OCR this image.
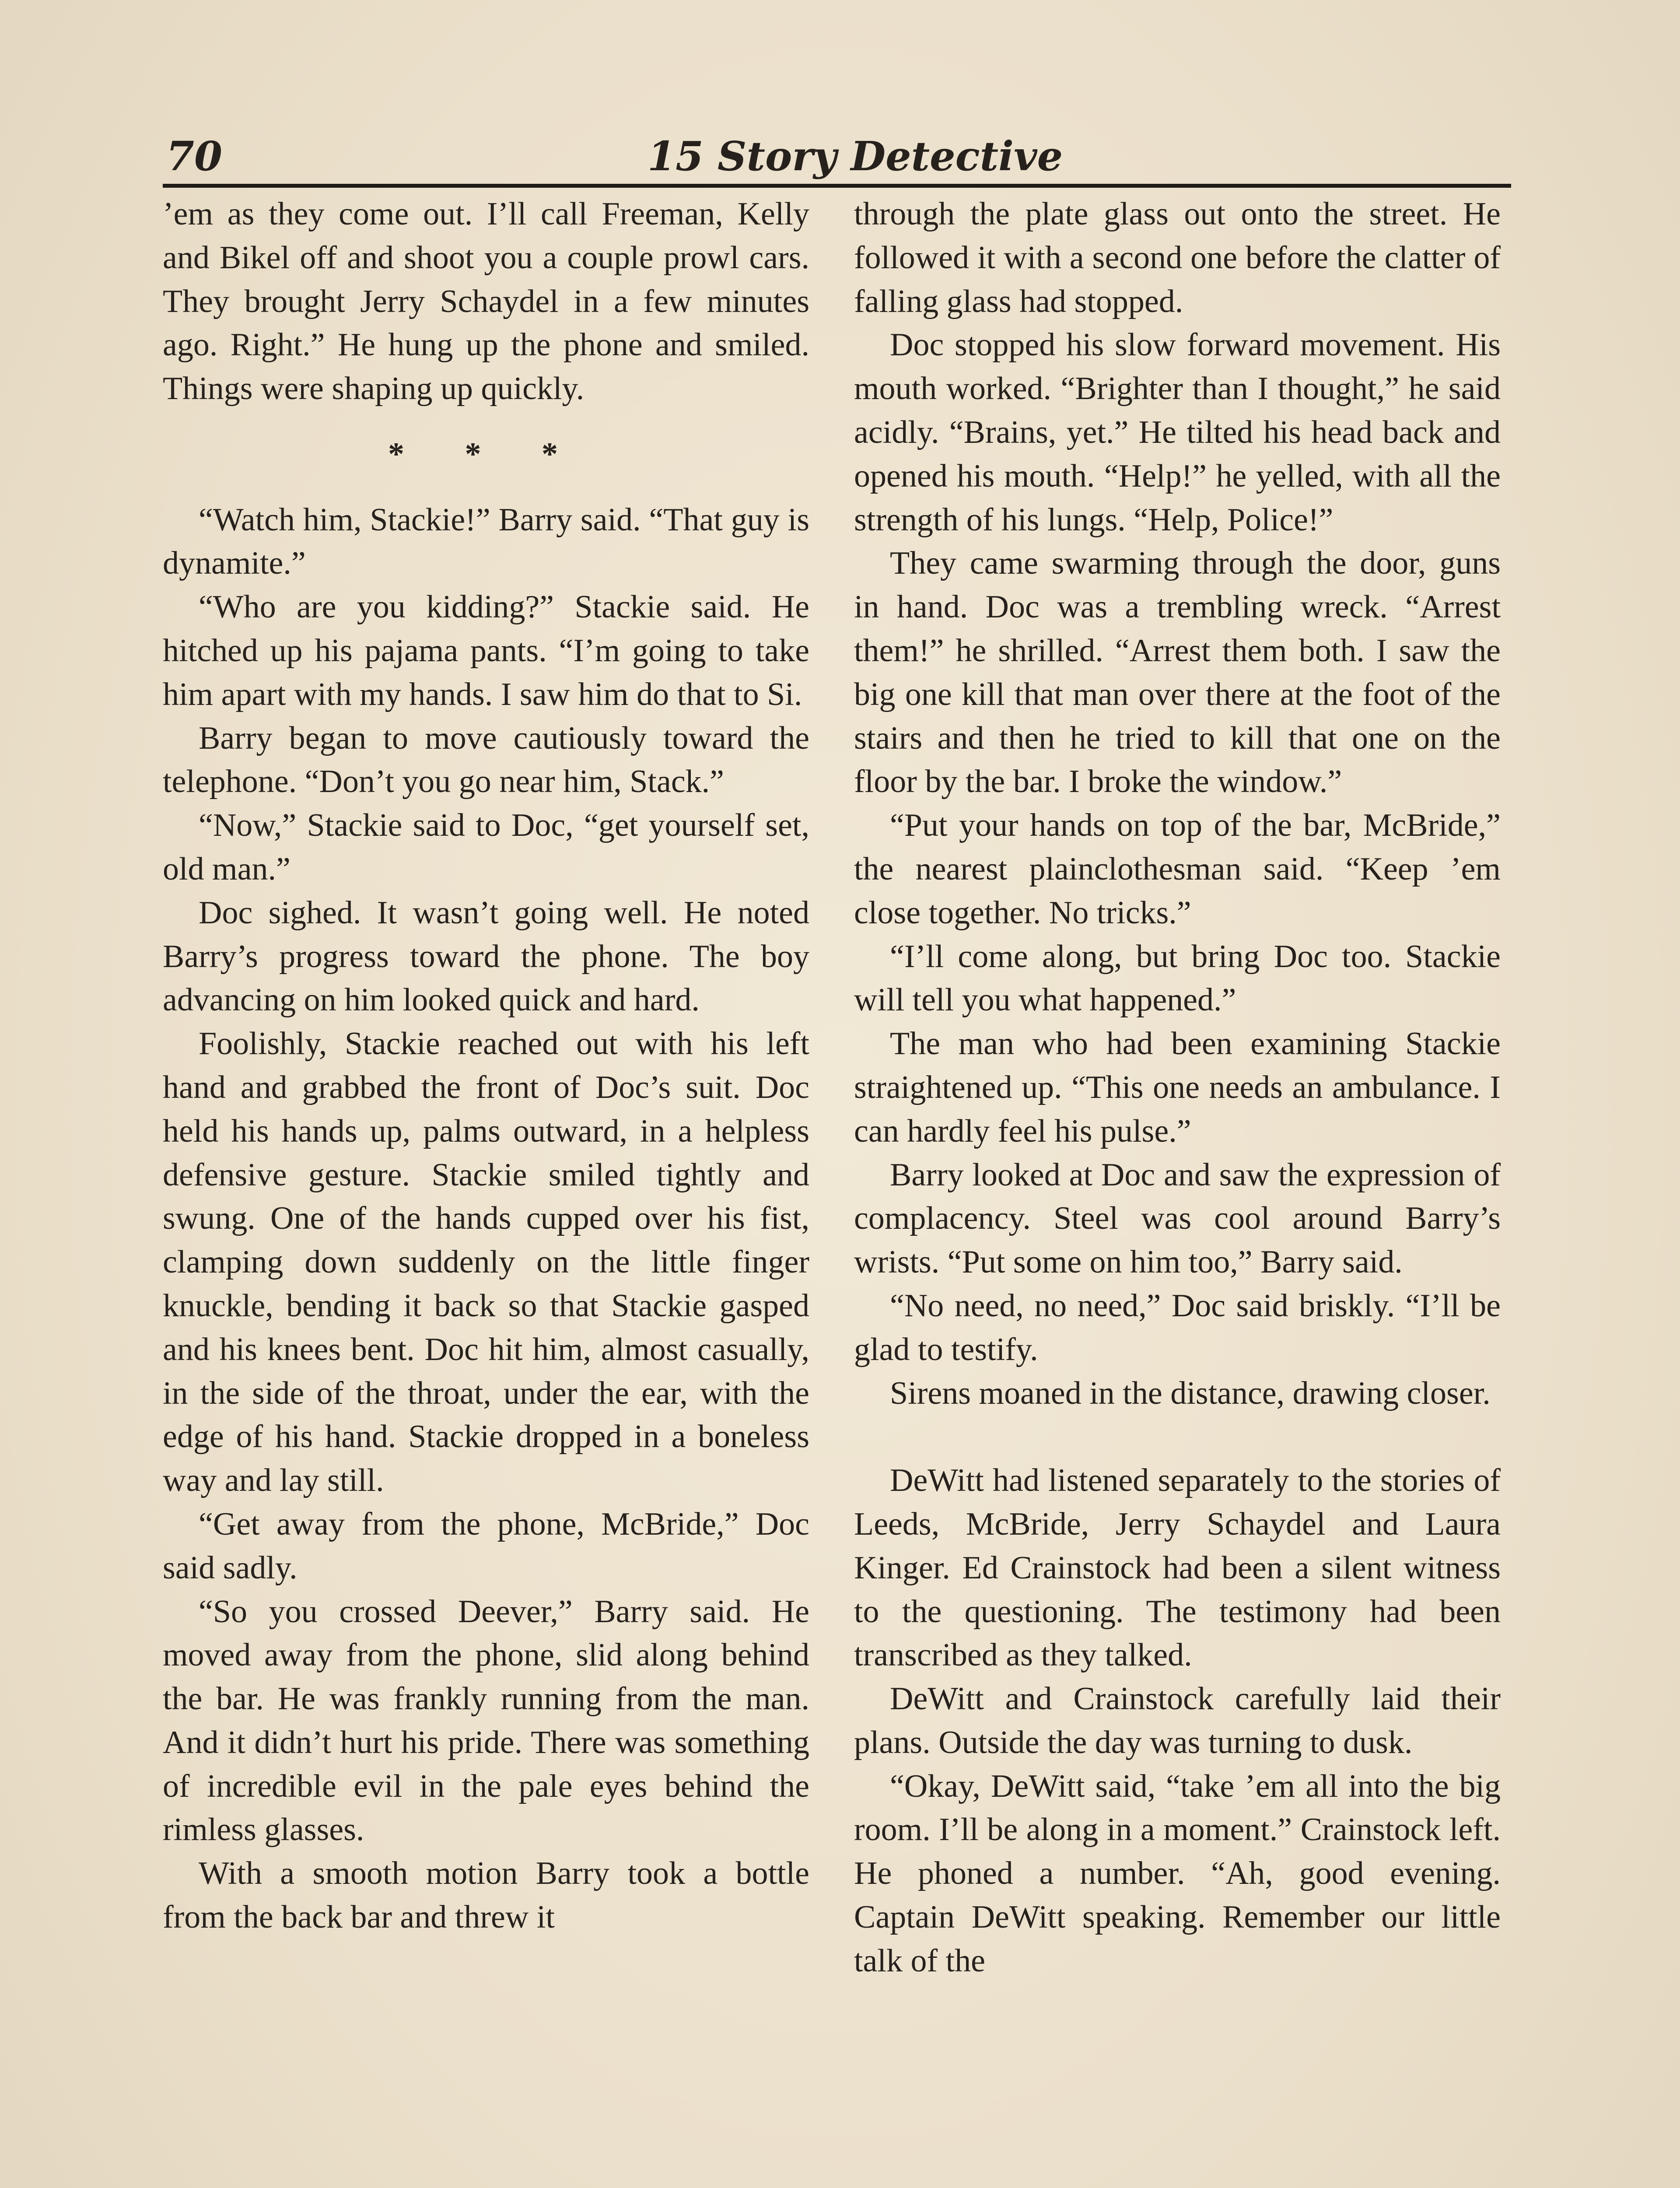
70	15 Story Detective

’em as they come out. I’ll call Freeman, Kelly and Bikel off and shoot you a couple prowl cars. They brought Jerry Schaydel in a few minutes ago. Right.” He hung up the phone and smiled. Things were shaping up quickly.

* * *

“Watch him, Stackie!” Barry said. “That guy is dynamite.”

“Who are you kidding?” Stackie said. He hitched up his pajama pants. “I’m going to take him apart with my hands. I saw him do that to Si.

Barry began to move cautiously toward the telephone. “Don’t you go near him, Stack.”

“Now,” Stackie said to Doc, “get yourself set, old man.”

Doc sighed. It wasn’t going well. He noted Barry’s progress toward the phone. The boy advancing on him looked quick and hard.

Foolishly, Stackie reached out with his left hand and grabbed the front of Doc’s suit. Doc held his hands up, palms outward, in a helpless defensive gesture. Stackie smiled tightly and swung. One of the hands cupped over his fist, clamping down suddenly on the little finger knuckle, bending it back so that Stackie gasped and his knees bent. Doc hit him, almost casually, in the side of the throat, under the ear, with the edge of his hand. Stackie dropped in a boneless way and lay still.

“Get away from the phone, McBride,” Doc said sadly.

“So you crossed Deever,” Barry said. He moved away from the phone, slid along behind the bar. He was frankly running from the man. And it didn’t hurt his pride. There was something of incredible evil in the pale eyes behind the rimless glasses.

With a smooth motion Barry took a bottle from the back bar and threw it

through the plate glass out onto the street. He followed it with a second one before the clatter of falling glass had stopped.

Doc stopped his slow forward movement. His mouth worked. “Brighter than I thought,” he said acidly. “Brains, yet.” He tilted his head back and opened his mouth. “Help!” he yelled, with all the strength of his lungs. “Help, Police!”

They came swarming through the door, guns in hand. Doc was a trembling wreck. “Arrest them!” he shrilled. “Arrest them both. I saw the big one kill that man over there at the foot of the stairs and then he tried to kill that one on the floor by the bar. I broke the window.”

“Put your hands on top of the bar, McBride,” the nearest plainclothesman said. “Keep ’em close together. No tricks.”

“I’ll come along, but bring Doc too. Stackie will tell you what happened.”

The man who had been examining Stackie straightened up. “This one needs an ambulance. I can hardly feel his pulse.”

Barry looked at Doc and saw the expression of complacency. Steel was cool around Barry’s wrists. “Put some on him too,” Barry said.

“No need, no need,” Doc said briskly. “I’ll be glad to testify.

Sirens moaned in the distance, drawing closer.

DeWitt had listened separately to the stories of Leeds, McBride, Jerry Schaydel and Laura Kinger. Ed Crainstock had been a silent witness to the questioning. The testimony had been transcribed as they talked.

DeWitt and Crainstock carefully laid their plans. Outside the day was turning to dusk.

“Okay, DeWitt said, “take ’em all into the big room. I’ll be along in a moment.” Crainstock left. He phoned a number. “Ah, good evening. Captain DeWitt speaking. Remember our little talk of the
